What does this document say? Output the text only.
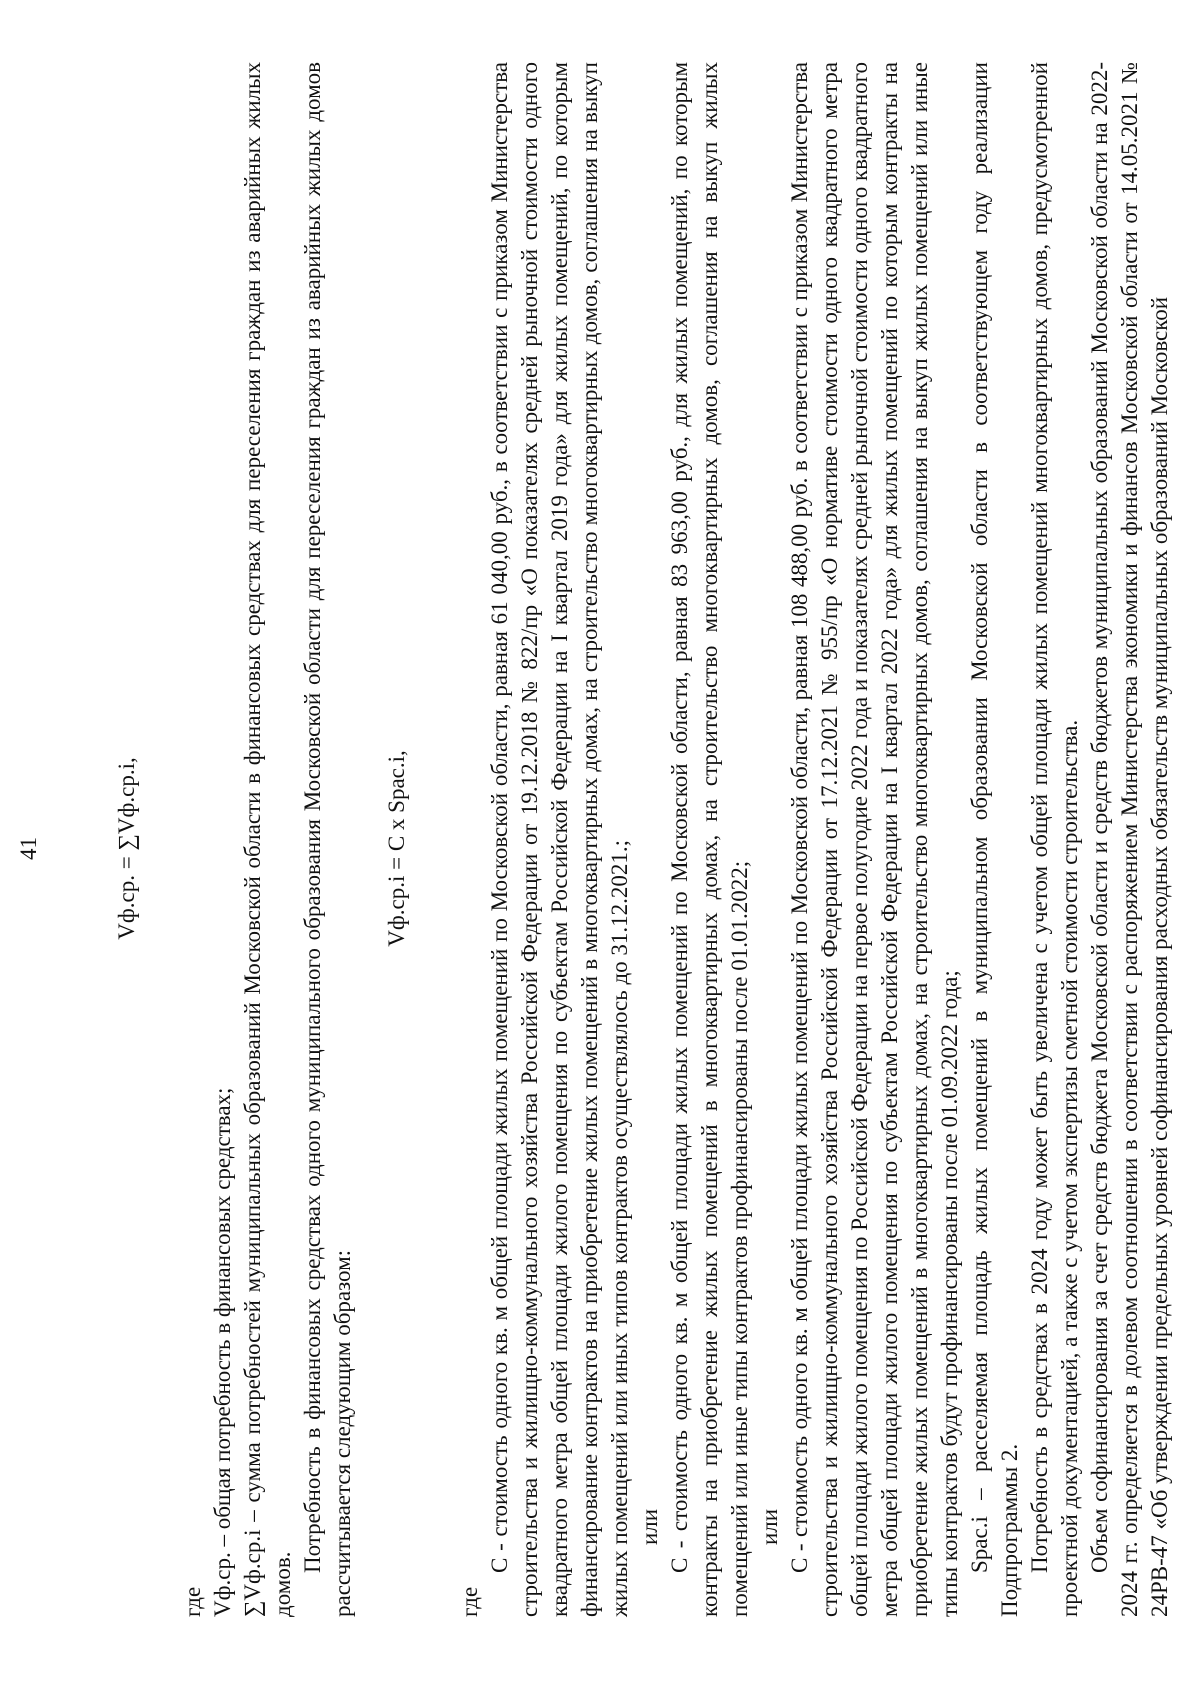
41	Vф.ср. = ∑Vф.ср.i,

где Vф.ср. – общая потребность в финансовых средствах; ∑Vф.ср.i – сумма потребностей муниципальных образований Московской области в финансовых средствах для переселения граждан из аварийных жилых домов.

Потребность в финансовых средствах одного муниципального образования Московской области для переселения граждан из аварийных жилых домов рассчитывается следующим образом:

Vф.ср.i = С х Spac.i,

где

С - стоимость одного кв. м общей площади жилых помещений по Московской области, равная 61 040,00 руб., в соответствии с приказом Министерства строительства и жилищно-коммунального хозяйства Российской Федерации от 19.12.2018 № 822/пр «О показателях средней рыночной стоимости одного квадратного метра общей площади жилого помещения по субъектам Российской Федерации на I квартал 2019 года» для жилых помещений, по которым финансирование контрактов на приобретение жилых помещений в многоквартирных домах, на строительство многоквартирных домов, соглашения на выкуп жилых помещений или иных типов контрактов осуществлялось до 31.12.2021.; или С - стоимость одного кв. м общей площади жилых помещений по Московской области, равная 83 963,00 руб., для жилых помещений, по которым контракты на приобретение жилых помещений в многоквартирных домах, на строительство многоквартирных домов, соглашения на выкуп жилых помещений или иные типы контрактов профинансированы после 01.01.2022; или С - стоимость одного кв. м общей площади жилых помещений по Московской области, равная 108 488,00 руб. в соответствии с приказом Министерства строительства и жилищно-коммунального хозяйства Российской Федерации от 17.12.2021 № 955/пр «О нормативе стоимости одного квадратного метра общей площади жилого помещения по Российской Федерации на первое полугодие 2022 года и показателях средней рыночной стоимости одного квадратного метра общей площади жилого помещения по субъектам Российской Федерации на I квартал 2022 года» для жилых помещений по которым контракты на приобретение жилых помещений в многоквартирных домах, на строительство многоквартирных домов, соглашения на выкуп жилых помещений или иные типы контрактов будут профинансированы после 01.09.2022 года; Spac.i – расселяемая площадь жилых помещений в муниципальном образовании Московской области в соответствующем году реализации Подпрограммы 2. Потребность в средствах в 2024 году может быть увеличена с учетом общей площади жилых помещений многоквартирных домов, предусмотренной проектной документацией, а также с учетом экспертизы сметной стоимости строительства. Объем софинансирования за счет средств бюджета Московской области и средств бюджетов муниципальных образований Московской области на 2022-2024 гг. определяется в долевом соотношении в соответствии с распоряжением Министерства экономики и финансов Московской области от 14.05.2021 № 24РВ-47 «Об утверждении предельных уровней софинансирования расходных обязательств муниципальных образований Московской
